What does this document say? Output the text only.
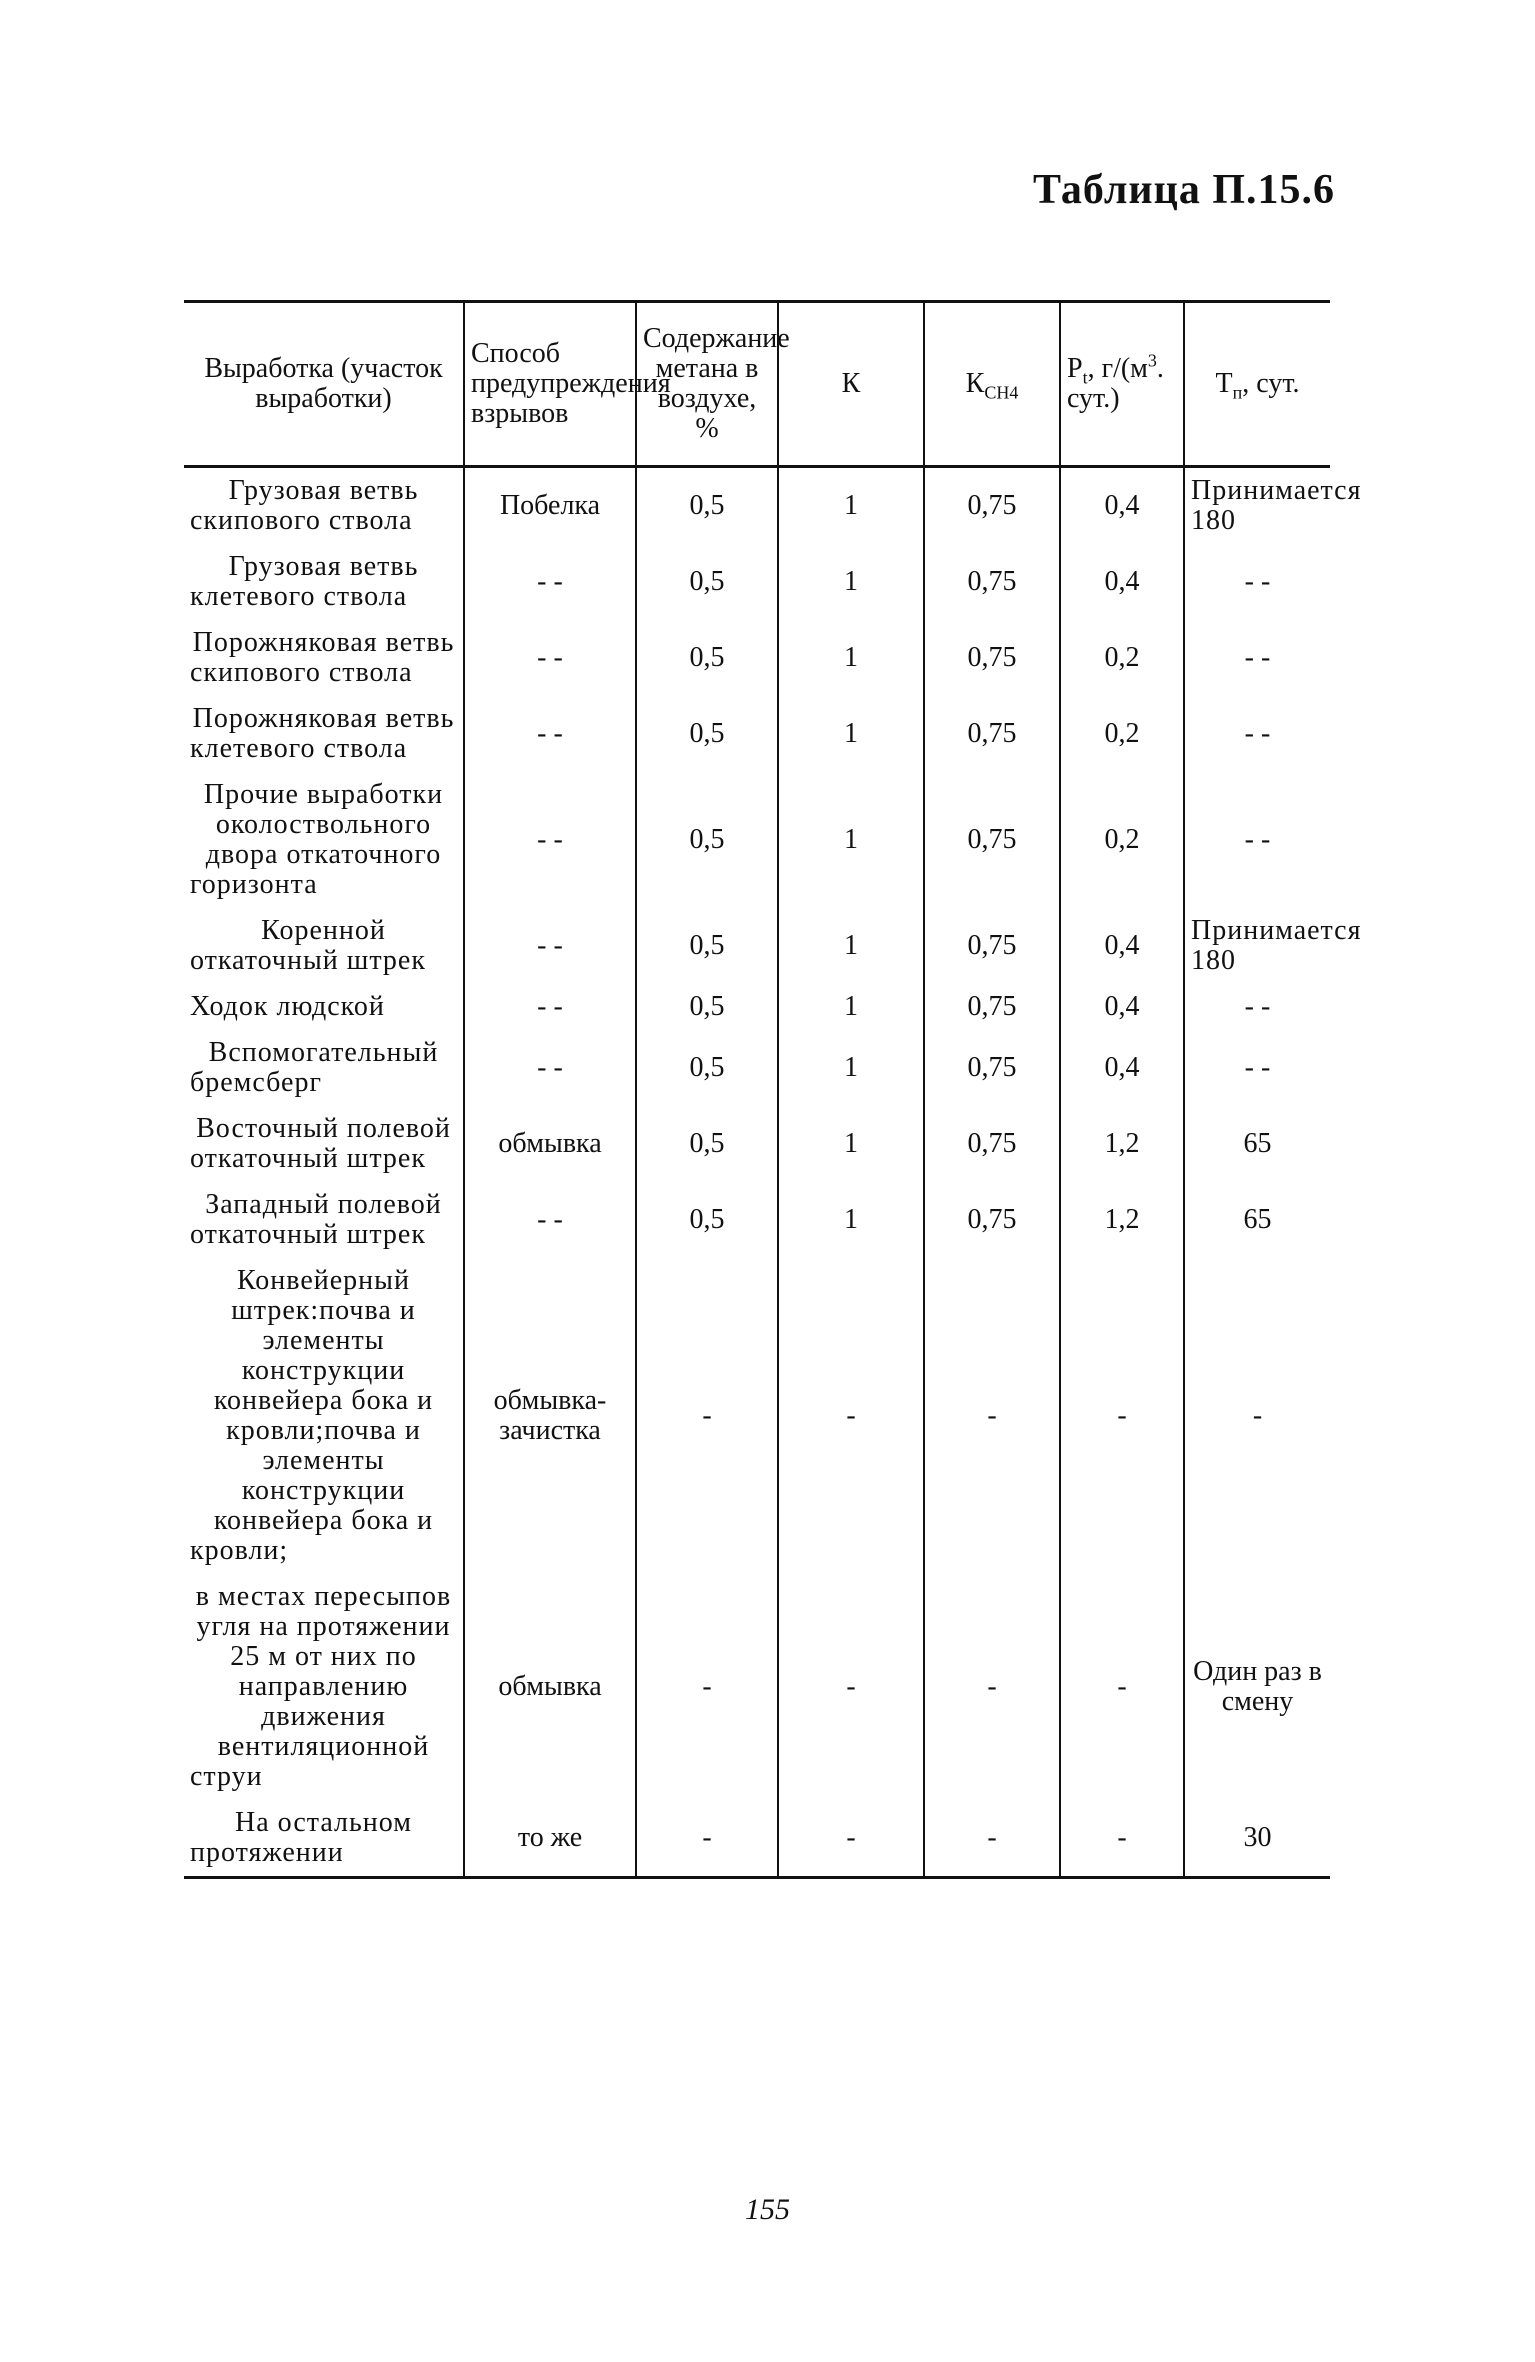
Таблица П.15.6
Выработка (участок выработки)	Способ предупреждения взрывов	Содержание метана в воздухе, %	К	$К_{СН4}$	$Р_t$, $г/(м^3$. сут.)	$Т_п$, сут.
Грузовая ветвь скипового ствола	Побелка	0,5	1	0,75	0,4	Принимается 180
Грузовая ветвь клетевого ствола	- -	0,5	1	0,75	0,4	- -
Порожняковая ветвь скипового ствола	- -	0,5	1	0,75	0,2	- -
Порожняковая ветвь клетевого ствола	- -	0,5	1	0,75	0,2	- -
Прочие выработки околоствольного двора откаточного горизонта	- -	0,5	1	0,75	0,2	- -
Коренной откаточный штрек	- -	0,5	1	0,75	0,4	Принимается 180
Ходок людской	- -	0,5	1	0,75	0,4	- -
Вспомогательный бремсберг	- -	0,5	1	0,75	0,4	- -
Восточный полевой откаточный штрек	обмывка	0,5	1	0,75	1,2	65
Западный полевой откаточный штрек	- -	0,5	1	0,75	1,2	65
Конвейерный штрек:почва и элементы конструкции конвейера бока и кровли;почва и элементы конструкции конвейера бока и кровли;	обмывка-зачистка	-	-	-	-	-
в местах пересыпов угля на протяжении 25 м от них по направлению движения вентиляционной струи	обмывка	-	-	-	-	Один раз в смену
На остальном протяжении	то же	-	-	-	-	30
155
